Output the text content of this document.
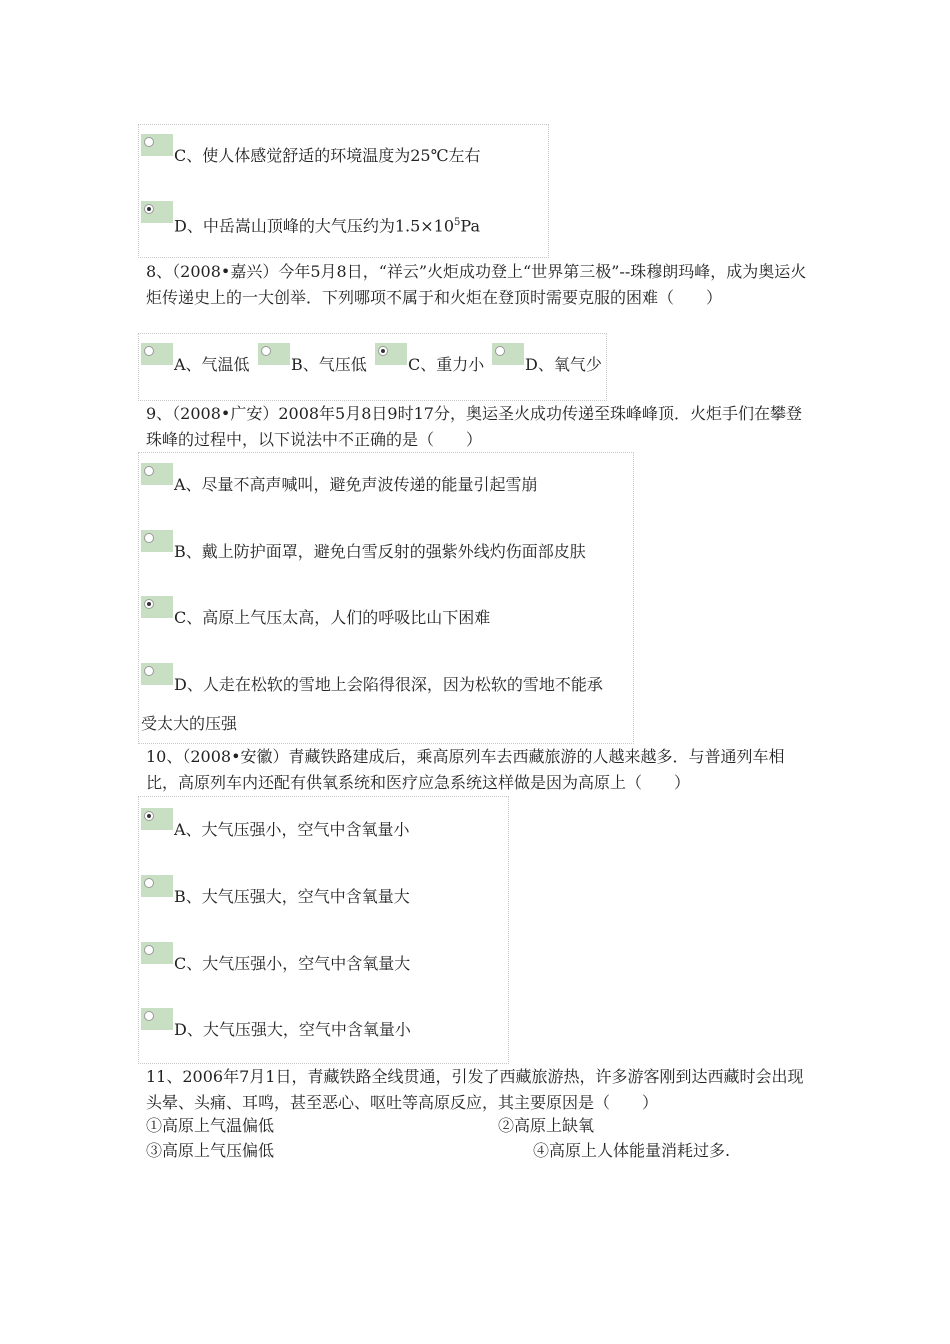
C、使人体感觉舒适的环境温度为25℃左右
D、中岳嵩山顶峰的大气压约为$1.5\times 10^5Pa$
8、（2008•嘉兴）今年5月8日，“祥云”火炬成功登上“世界第三极”--珠穆朗玛峰，成为奥运火炬传递史上的一大创举．下列哪项不属于和火炬在登顶时需要克服的困难（　　）
A、气温低	B、气压低	C、重力小	D、氧气少
9、（2008•广安）2008年5月8日9时17分，奥运圣火成功传递至珠峰峰顶．火炬手们在攀登珠峰的过程中，以下说法中不正确的是（　　）
A、尽量不高声喊叫，避免声波传递的能量引起雪崩
B、戴上防护面罩，避免白雪反射的强紫外线灼伤面部皮肤
C、高原上气压太高，人们的呼吸比山下困难
D、人走在松软的雪地上会陷得很深，因为松软的雪地不能承
受太大的压强
10、（2008•安徽）青藏铁路建成后，乘高原列车去西藏旅游的人越来越多．与普通列车相比，高原列车内还配有供氧系统和医疗应急系统这样做是因为高原上（　　）
A、大气压强小，空气中含氧量小
B、大气压强大，空气中含氧量大
C、大气压强小，空气中含氧量大
D、大气压强大，空气中含氧量小
11、2006年7月1日，青藏铁路全线贯通，引发了西藏旅游热，许多游客刚到达西藏时会出现头晕、头痛、耳鸣，甚至恶心、呕吐等高原反应，其主要原因是（　　）
①高原上气温偏低	②高原上缺氧
③高原上气压偏低	④高原上人体能量消耗过多.
